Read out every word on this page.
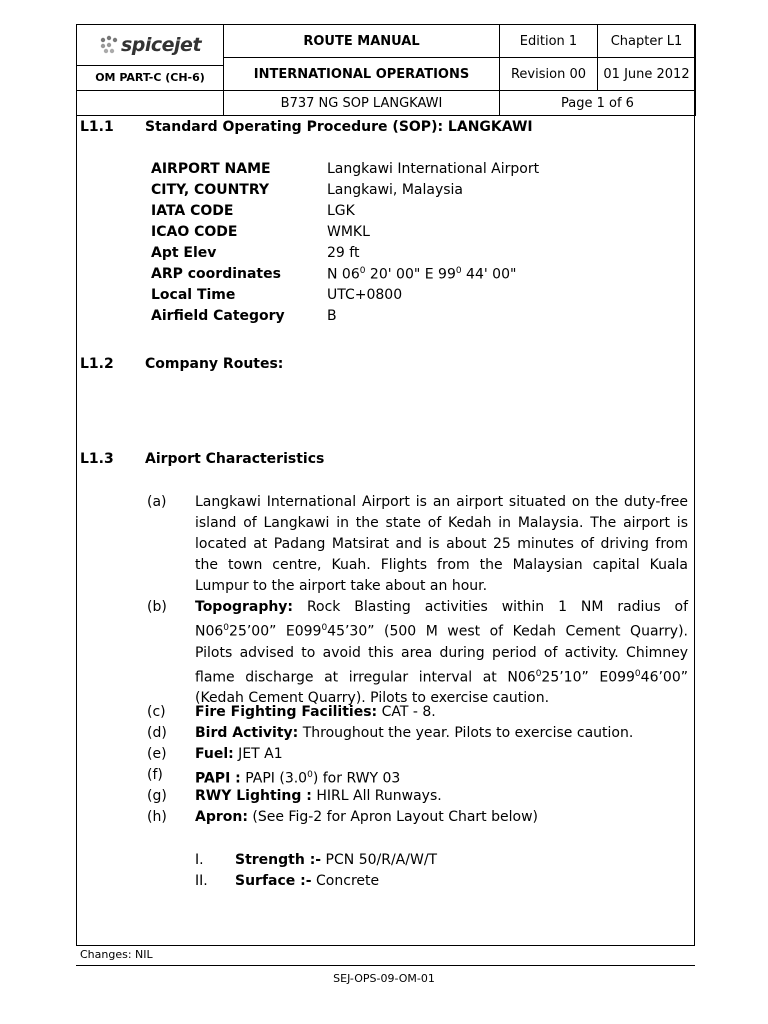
spicejet
OM PART-C (CH-6)	ROUTE MANUAL	Edition 1	Chapter L1
	INTERNATIONAL OPERATIONS	Revision 00	01 June 2012
	B737 NG SOP LANGKAWI	Page 1 of 6	
L1.1 Standard Operating Procedure (SOP): LANGKAWI
AIRPORT NAME	Langkawi International Airport
CITY, COUNTRY	Langkawi, Malaysia
IATA CODE	LGK
ICAO CODE	WMKL
Apt Elev	29 ft
ARP coordinates	N $06^0$ 20' 00" E $99^0$ 44' 00"
Local Time	UTC+0800
Airfield Category	B
L1.2 Company Routes:
L1.3 Airport Characteristics
(a) Langkawi International Airport is an airport situated on the duty-free island of Langkawi in the state of Kedah in Malaysia. The airport is located at Padang Matsirat and is about 25 minutes of driving from the town centre, Kuah. Flights from the Malaysian capital Kuala Lumpur to the airport take about an hour.
(b) Topography: Rock Blasting activities within 1 NM radius of $N06^025’00$” $E099^045’30$” (500 M west of Kedah Cement Quarry). Pilots advised to avoid this area during period of activity. Chimney flame discharge at irregular interval at $N06^025’10$” $E099^046’00$” (Kedah Cement Quarry). Pilots to exercise caution.
(c) Fire Fighting Facilities: CAT - 8.
(d) Bird Activity: Throughout the year. Pilots to exercise caution.
(e) Fuel: JET A1
(f) PAPI : PAPI $(3.0^0)$ for RWY 03
(g) RWY Lighting : HIRL All Runways.
(h) Apron: (See Fig-2 for Apron Layout Chart below)
I. Strength :- PCN 50/R/A/W/T
II. Surface :- Concrete
Changes: NIL
SEJ-OPS-09-OM-01
